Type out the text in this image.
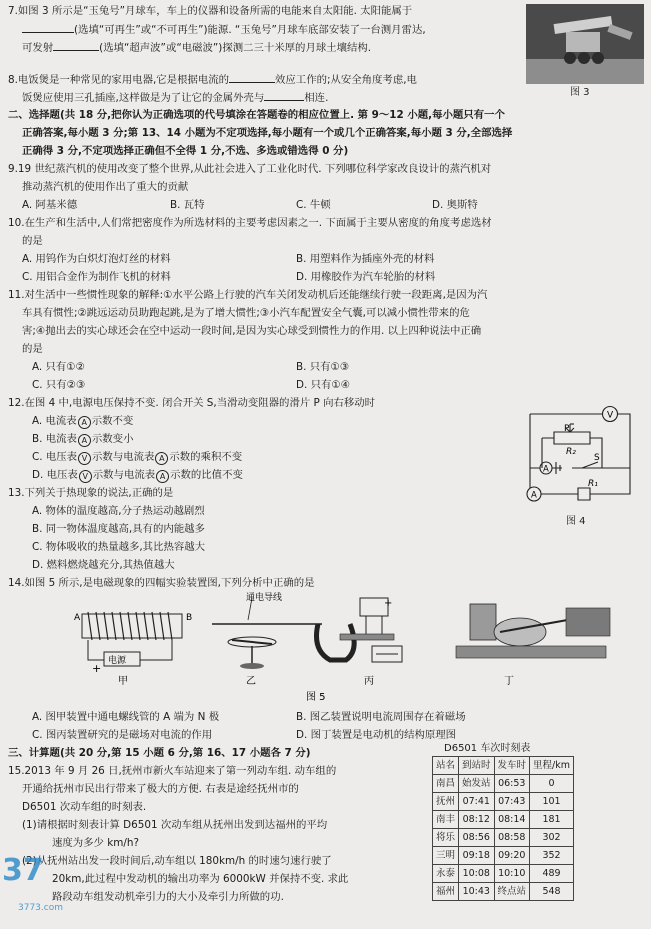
7.如图 3 所示是“玉兔号”月球车，车上的仪器和设备所需的电能来自太阳能. 太阳能属于
(选填“可再生”或“不可再生”)能源. “玉兔号”月球车底部安装了一台测月雷达,
可发射	(选填“超声波”或“电磁波”)探测二三十米厚的月球土壤结构.
图 3
8.电饭煲是一种常见的家用电器,它是根据电流的	效应工作的;从安全角度考虑,电
饭煲应使用三孔插座,这样做是为了让它的金属外壳与	相连.
二、选择题(共 18 分,把你认为正确选项的代号填涂在答题卷的相应位置上. 第 9～12 小题,每小题只有一个
正确答案,每小题 3 分;第 13、14 小题为不定项选择,每小题有一个或几个正确答案,每小题 3 分,全部选择
正确得 3 分,不定项选择正确但不全得 1 分,不选、多选或错选得 0 分)
9.19 世纪蒸汽机的使用改变了整个世界,从此社会进入了工业化时代. 下列哪位科学家改良设计的蒸汽机对
推动蒸汽机的使用作出了重大的贡献
A. 阿基米德	B. 瓦特	C. 牛顿	D. 奥斯特
10.在生产和生活中,人们常把密度作为所选材料的主要考虑因素之一. 下面属于主要从密度的角度考虑选材
的是
A. 用钨作为白炽灯泡灯丝的材料	B. 用塑料作为插座外壳的材料
C. 用铝合金作为制作飞机的材料	D. 用橡胶作为汽车轮胎的材料
11.对生活中一些惯性现象的解释:①水平公路上行驶的汽车关闭发动机后还能继续行驶一段距离,是因为汽
车具有惯性;②跳远运动员助跑起跳,是为了增大惯性;③小汽车配置安全气囊,可以减小惯性带来的危
害;④抛出去的实心球还会在空中运动一段时间,是因为实心球受到惯性力的作用. 以上四种说法中正确
的是
A. 只有①②	B. 只有①③
C. 只有②③	D. 只有①④
12.在图 4 中,电源电压保持不变. 闭合开关 S,当滑动变阻器的滑片 P 向右移动时
A. 电流表 A 示数不变
B. 电流表 A 示数变小
C. 电压表 V 示数与电流表 A 示数的乘积不变
D. 电压表 V 示数与电流表 A 示数的比值不变
V
A
A
P
R₂
S
R₁
图 4
13.下列关于热现象的说法,正确的是
A. 物体的温度越高,分子热运动越剧烈
B. 同一物体温度越高,具有的内能越多
C. 物体吸收的热量越多,其比热容越大
D. 燃料燃烧越充分,其热值越大
14.如图 5 所示,是电磁现象的四幅实验装置图,下列分析中正确的是
A	B
电源
+
通电导线	+
甲	乙	丙	丁
图 5
A. 图甲装置中通电螺线管的 A 端为 N 极	B. 图乙装置说明电流周围存在着磁场
C. 图丙装置研究的是磁场对电流的作用	D. 图丁装置是电动机的结构原理图
三、计算题(共 20 分,第 15 小题 6 分,第 16、17 小题各 7 分)
15.2013 年 9 月 26 日,抚州市新火车站迎来了第一列动车组. 动车组的
开通给抚州市民出行带来了极大的方便. 右表是途经抚州市的
D6501 次动车组的时刻表.
(1)请根据时刻表计算 D6501 次动车组从抚州出发到达福州的平均
速度为多少 km/h?
(2)从抚州站出发一段时间后,动车组以 180km/h 的时速匀速行驶了
20km,此过程中发动机的输出功率为 6000kW 并保持不变. 求此
路段动车组发动机牵引力的大小及牵引力所做的功.
D6501 车次时刻表
站名	到站时	发车时	里程/km
南昌	始发站	06:53	0
抚州	07:41	07:43	101
南丰	08:12	08:14	181
将乐	08:56	08:58	302
三明	09:18	09:20	352
永泰	10:08	10:10	489
福州	10:43	终点站	548
37
3773.com
